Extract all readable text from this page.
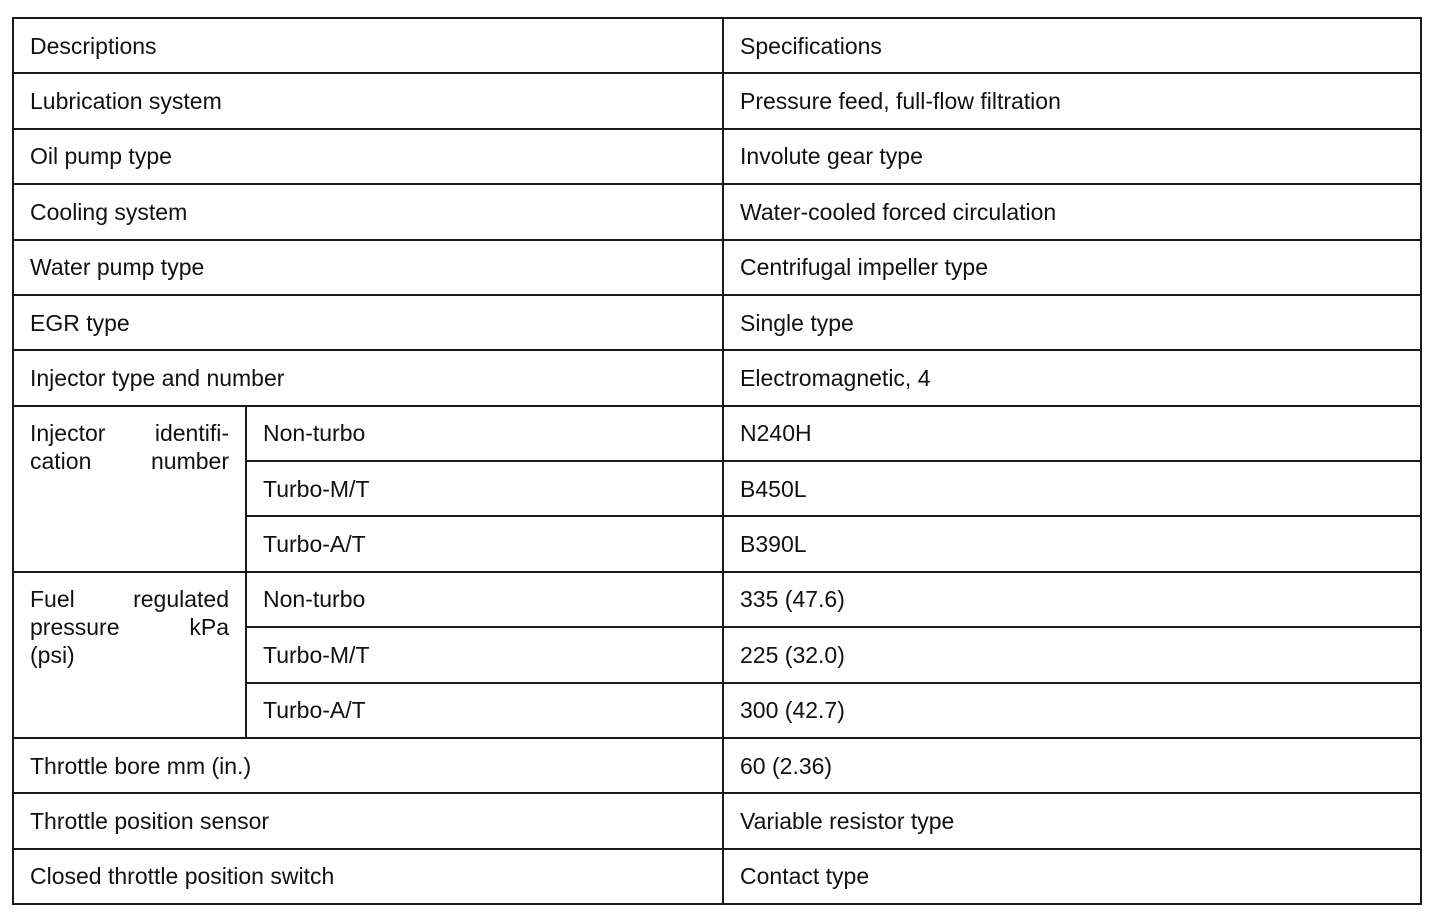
Descriptions		Specifications
Lubrication system		Pressure feed, full-flow filtration
Oil pump type		Involute gear type
Cooling system		Water-cooled forced circulation
Water pump type		Centrifugal impeller type
EGR type		Single type
Injector type and number		Electromagnetic, 4

Injector identifi-
cation number	Non-turbo	N240H
	Turbo-M/T	B450L
	Turbo-A/T	B390L

Fuel regulated
pressure kPa
(psi)	Non-turbo	335 (47.6)
	Turbo-M/T	225 (32.0)
	Turbo-A/T	300 (42.7)
Throttle bore mm (in.)		60 (2.36)
Throttle position sensor		Variable resistor type
Closed throttle position switch		Contact type
